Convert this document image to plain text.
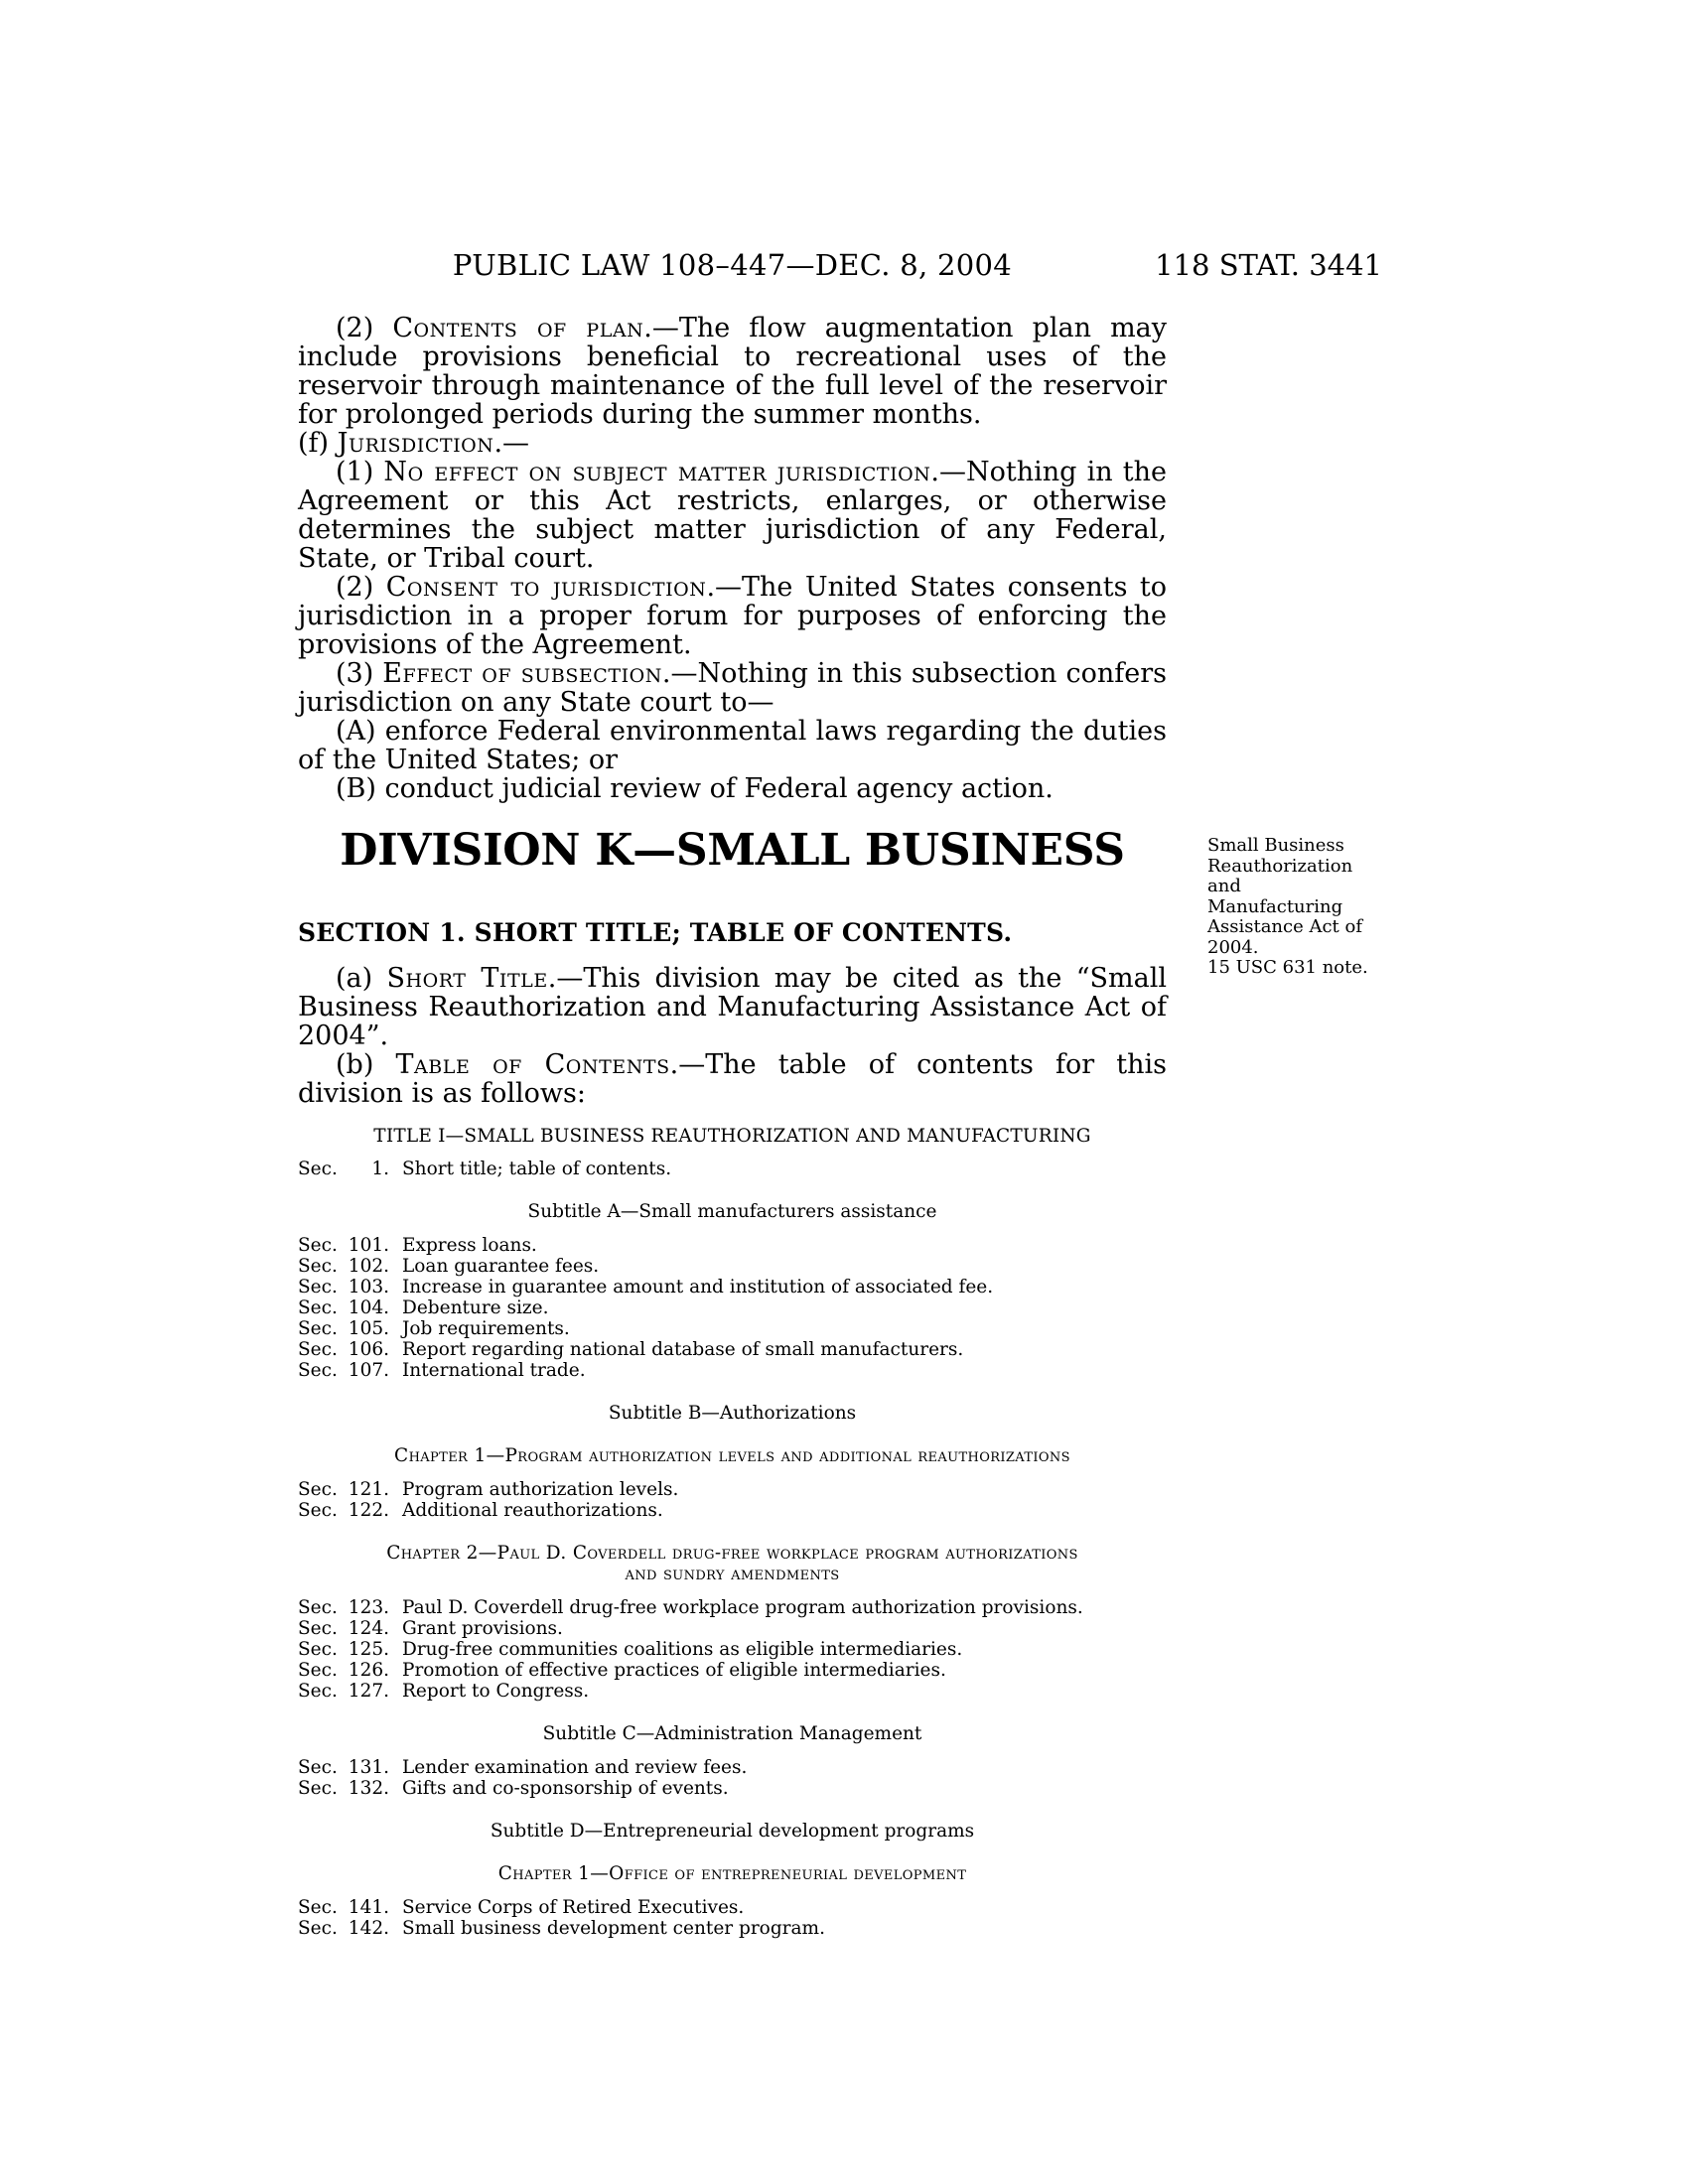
PUBLIC LAW 108–447—DEC. 8, 2004	118 STAT. 3441

(2) Contents of plan.—The flow augmentation plan may include provisions beneficial to recreational uses of the reservoir through maintenance of the full level of the reservoir for prolonged periods during the summer months.

(f) Jurisdiction.—

(1) No effect on subject matter jurisdiction.—Nothing in the Agreement or this Act restricts, enlarges, or otherwise determines the subject matter jurisdiction of any Federal, State, or Tribal court.

(2) Consent to jurisdiction.—The United States consents to jurisdiction in a proper forum for purposes of enforcing the provisions of the Agreement.

(3) Effect of subsection.—Nothing in this subsection confers jurisdiction on any State court to—

(A) enforce Federal environmental laws regarding the duties of the United States; or

(B) conduct judicial review of Federal agency action.

DIVISION K—SMALL BUSINESS
SECTION 1. SHORT TITLE; TABLE OF CONTENTS.

(a) Short Title.—This division may be cited as the “Small Business Reauthorization and Manufacturing Assistance Act of 2004”.

(b) Table of Contents.—The table of contents for this division is as follows:

TITLE I—SMALL BUSINESS REAUTHORIZATION AND MANUFACTURING
Sec.	1. Short title; table of contents.
Subtitle A—Small manufacturers assistance
Sec. 101. Express loans.
Sec. 102. Loan guarantee fees.
Sec. 103. Increase in guarantee amount and institution of associated fee.
Sec. 104. Debenture size.
Sec. 105. Job requirements.
Sec. 106. Report regarding national database of small manufacturers.
Sec. 107. International trade.
Subtitle B—Authorizations
Chapter 1—Program authorization levels and additional reauthorizations
Sec. 121. Program authorization levels.
Sec. 122. Additional reauthorizations.
Chapter 2—Paul D. Coverdell drug-free workplace program authorizations
and sundry amendments
Sec. 123. Paul D. Coverdell drug-free workplace program authorization provisions.
Sec. 124. Grant provisions.
Sec. 125. Drug-free communities coalitions as eligible intermediaries.
Sec. 126. Promotion of effective practices of eligible intermediaries.
Sec. 127. Report to Congress.
Subtitle C—Administration Management
Sec. 131. Lender examination and review fees.
Sec. 132. Gifts and co-sponsorship of events.
Subtitle D—Entrepreneurial development programs
Chapter 1—Office of entrepreneurial development
Sec. 141. Service Corps of Retired Executives.
Sec. 142. Small business development center program.
Small Business
Reauthorization
and
Manufacturing
Assistance Act of
2004.
15 USC 631 note.
